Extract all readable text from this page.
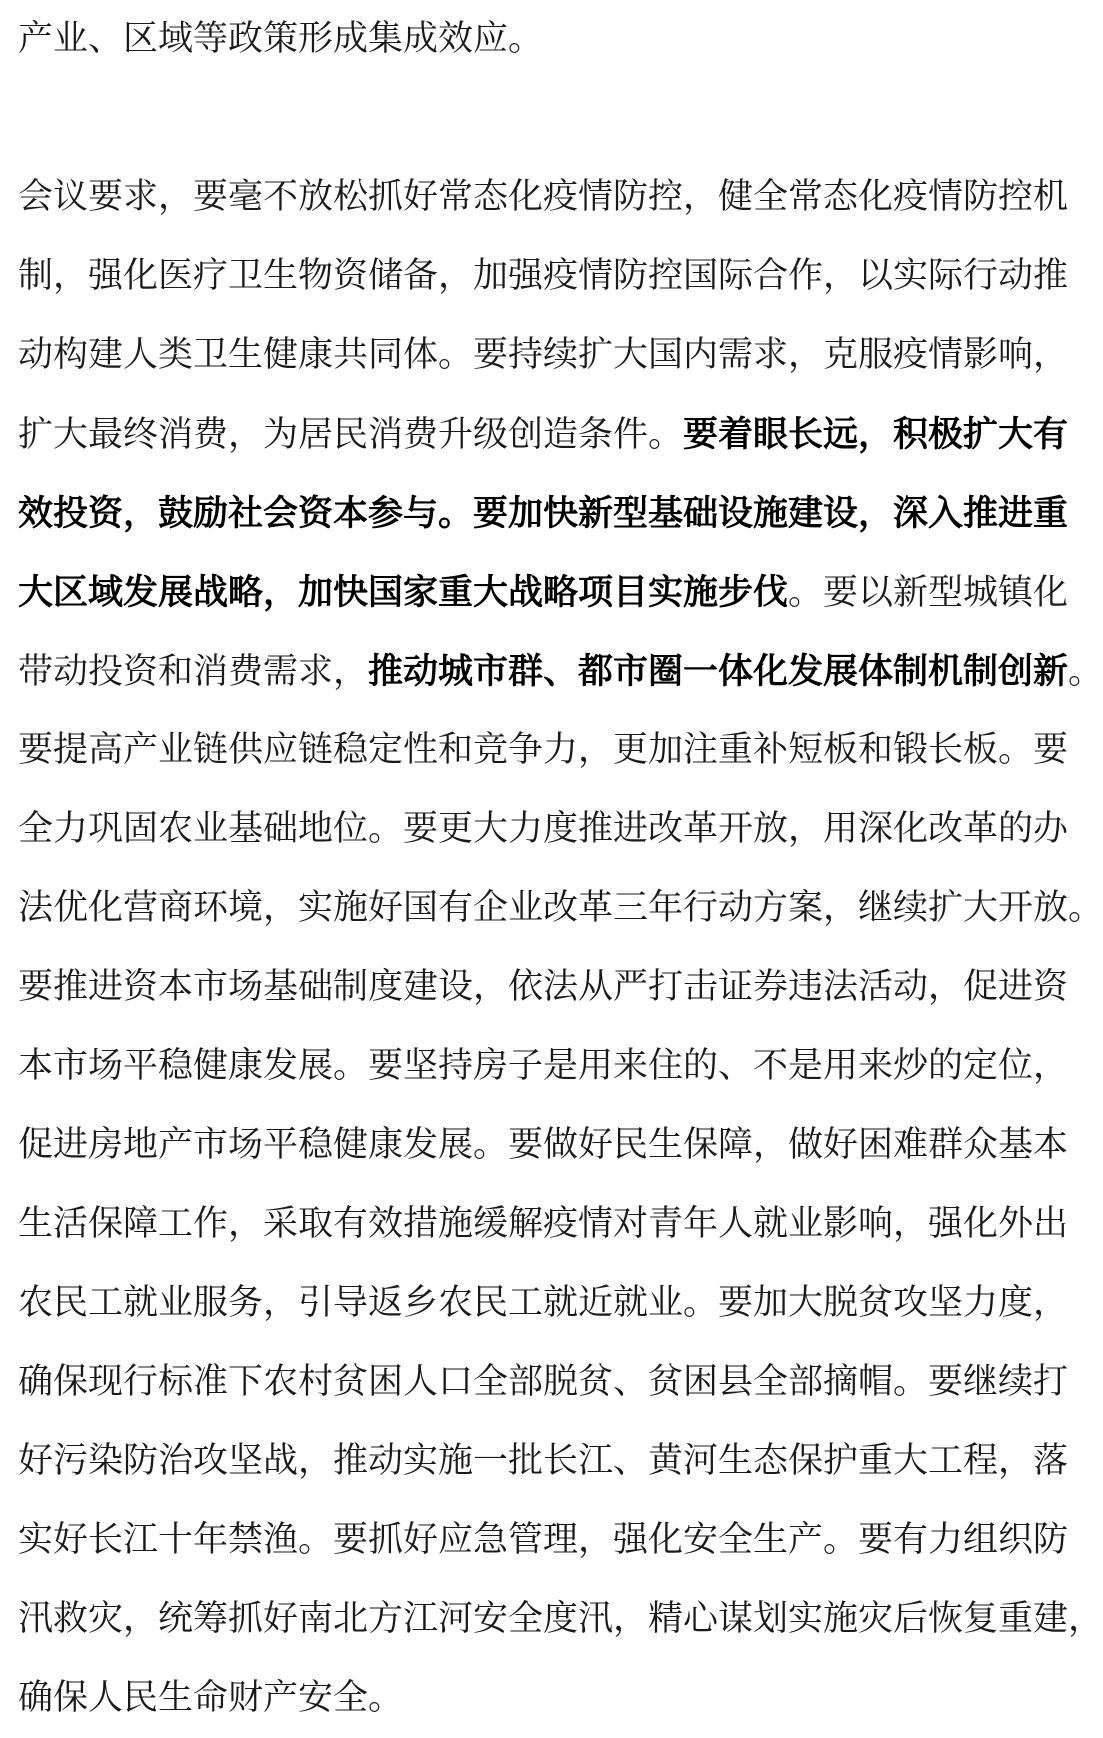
产业、区域等政策形成集成效应。
会议要求，要毫不放松抓好常态化疫情防控，健全常态化疫情防控机
制，强化医疗卫生物资储备，加强疫情防控国际合作，以实际行动推
动构建人类卫生健康共同体。要持续扩大国内需求，克服疫情影响，
扩大最终消费，为居民消费升级创造条件。要着眼长远，积极扩大有
效投资，鼓励社会资本参与。要加快新型基础设施建设，深入推进重
大区域发展战略，加快国家重大战略项目实施步伐。要以新型城镇化
带动投资和消费需求，推动城市群、都市圈一体化发展体制机制创新。
要提高产业链供应链稳定性和竞争力，更加注重补短板和锻长板。要
全力巩固农业基础地位。要更大力度推进改革开放，用深化改革的办
法优化营商环境，实施好国有企业改革三年行动方案，继续扩大开放。
要推进资本市场基础制度建设，依法从严打击证券违法活动，促进资
本市场平稳健康发展。要坚持房子是用来住的、不是用来炒的定位，
促进房地产市场平稳健康发展。要做好民生保障，做好困难群众基本
生活保障工作，采取有效措施缓解疫情对青年人就业影响，强化外出
农民工就业服务，引导返乡农民工就近就业。要加大脱贫攻坚力度，
确保现行标准下农村贫困人口全部脱贫、贫困县全部摘帽。要继续打
好污染防治攻坚战，推动实施一批长江、黄河生态保护重大工程，落
实好长江十年禁渔。要抓好应急管理，强化安全生产。要有力组织防
汛救灾，统筹抓好南北方江河安全度汛，精心谋划实施灾后恢复重建，
确保人民生命财产安全。
